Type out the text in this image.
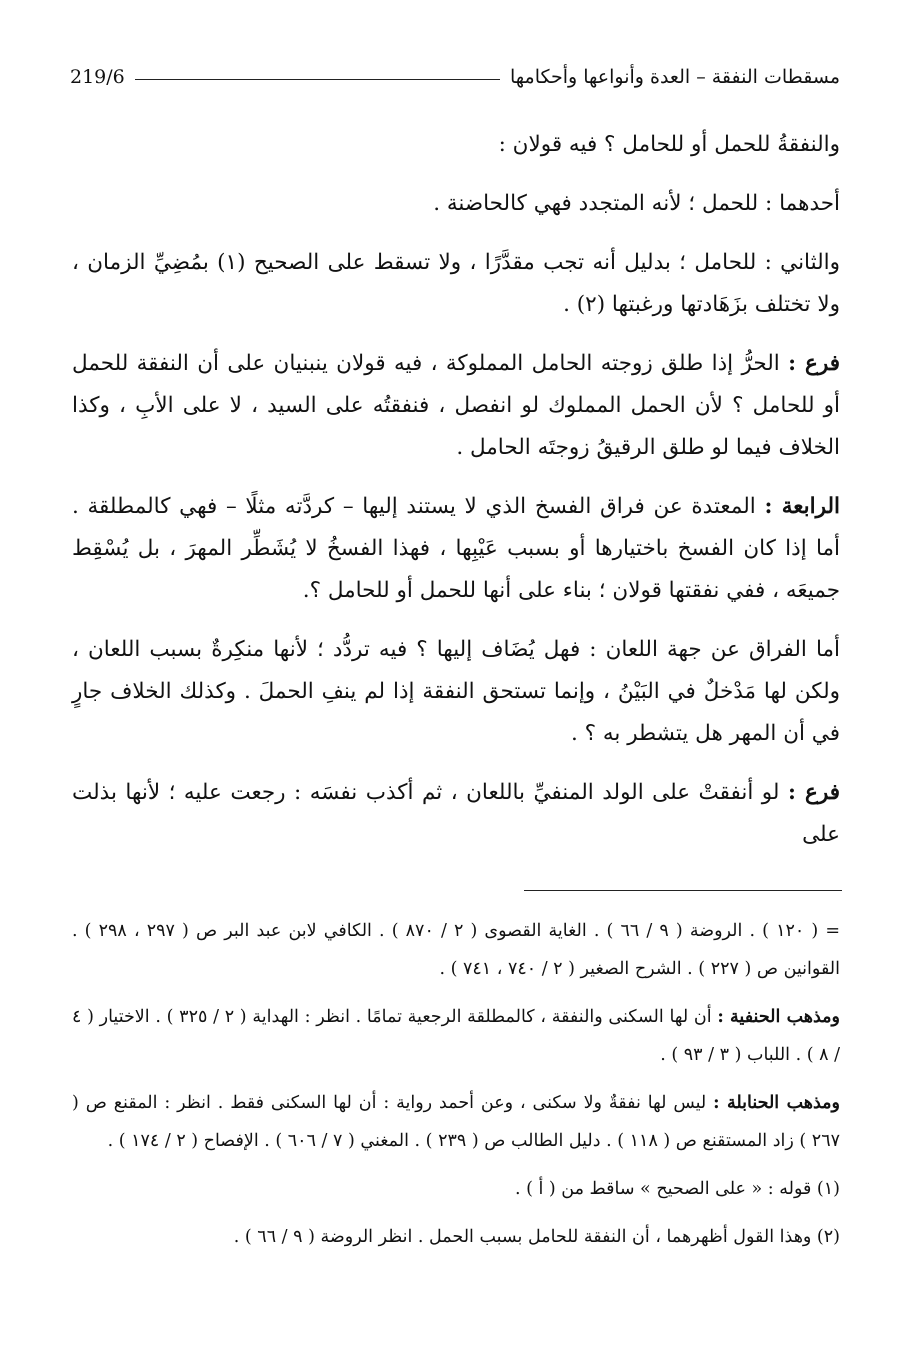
مسقطات النفقة – العدة وأنواعها وأحكامها
219/6

والنفقةُ للحمل أو للحامل ؟ فيه قولان :

أحدهما : للحمل ؛ لأنه المتجدد فهي كالحاضنة .

والثاني : للحامل ؛ بدليل أنه تجب مقدَّرًا ، ولا تسقط على الصحيح (١) بمُضِيِّ الزمان ، ولا تختلف بزَهَادتها ورغبتها (٢) .

فرع : الحرُّ إذا طلق زوجته الحامل المملوكة ، فيه قولان ينبنيان على أن النفقة للحمل أو للحامل ؟ لأن الحمل المملوك لو انفصل ، فنفقتُه على السيد ، لا على الأبِ ، وكذا الخلاف فيما لو طلق الرقيقُ زوجتَه الحامل .

الرابعة : المعتدة عن فراق الفسخ الذي لا يستند إليها – كردَّته مثلًا – فهي كالمطلقة . أما إذا كان الفسخ باختيارها أو بسبب عَيْبِها ، فهذا الفسخُ لا يُشَطِّر المهرَ ، بل يُسْقِط جميعَه ، ففي نفقتها قولان ؛ بناء على أنها للحمل أو للحامل ؟.

أما الفراق عن جهة اللعان : فهل يُضَاف إليها ؟ فيه تردُّد ؛ لأنها منكِرةٌ بسبب اللعان ، ولكن لها مَدْخلٌ في البَيْنُ ، وإنما تستحق النفقة إذا لم ينفِ الحملَ . وكذلك الخلاف جارٍ في أن المهر هل يتشطر به ؟ .

فرع : لو أنفقتْ على الولد المنفيِّ باللعان ، ثم أكذب نفسَه : رجعت عليه ؛ لأنها بذلت على

= ( ١٢٠ ) . الروضة ( ٩ / ٦٦ ) . الغاية القصوى ( ٢ / ٨٧٠ ) . الكافي لابن عبد البر ص ( ٢٩٧ ، ٢٩٨ ) . القوانين ص ( ٢٢٧ ) . الشرح الصغير ( ٢ / ٧٤٠ ، ٧٤١ ) .

ومذهب الحنفية : أن لها السكنى والنفقة ، كالمطلقة الرجعية تمامًا . انظر : الهداية ( ٢ / ٣٢٥ ) . الاختيار ( ٤ / ٨ ) . اللباب ( ٣ / ٩٣ ) .

ومذهب الحنابلة : ليس لها نفقةٌ ولا سكنى ، وعن أحمد رواية : أن لها السكنى فقط . انظر : المقنع ص ( ٢٦٧ ) زاد المستقنع ص ( ١١٨ ) . دليل الطالب ص ( ٢٣٩ ) . المغني ( ٧ / ٦٠٦ ) . الإفصاح ( ٢ / ١٧٤ ) .

(١) قوله : « على الصحيح » ساقط من ( أ ) .

(٢) وهذا القول أظهرهما ، أن النفقة للحامل بسبب الحمل . انظر الروضة ( ٩ / ٦٦ ) .
